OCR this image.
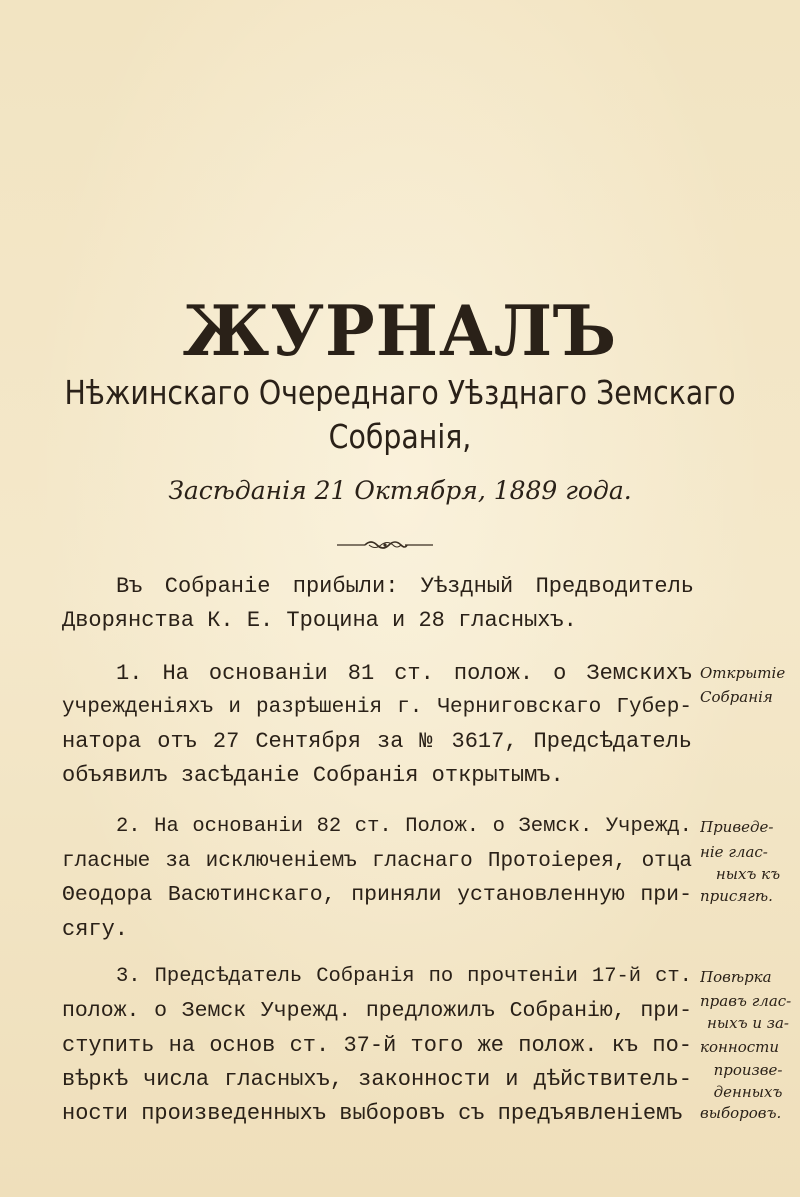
ЖУРНАЛЪ
Нѣжинскаго Очереднаго Уѣзднаго Земскаго
Собранія,
Засѣданія 21 Октября, 1889 года.
Въ Собраніе прибыли: Уѣздный Предводитель
Дворянства К. Е. Троцина и 28 гласныхъ.
1. На основаніи 81 ст. полож. о Земскихъ
учрежденіяхъ и разрѣшенія г. Черниговскаго Губер-
натора отъ 27 Сентября за № 3617, Предсѣдатель
объявилъ засѣданіе Собранія открытымъ.
Открытіе
Собранія
2. На основаніи 82 ст. Полож. о Земск. Учрежд.
гласные за исключеніемъ гласнаго Протоіерея, отца
Θеодора Васютинскаго, приняли установленную при-
сягу.
Приведе-
ніе глас-
ныхъ къ
присягѣ.
3. Предсѣдатель Собранія по прочтеніи 17-й ст.
полож. о Земск Учрежд. предложилъ Собранію, при-
ступить на основ ст. 37-й того же полож. къ по-
вѣркѣ числа гласныхъ, законности и дѣйствитель-
ности произведенныхъ выборовъ съ предъявленіемъ
Повѣрка
правъ глас-
ныхъ и за-
конности
произве-
денныхъ
выборовъ.
